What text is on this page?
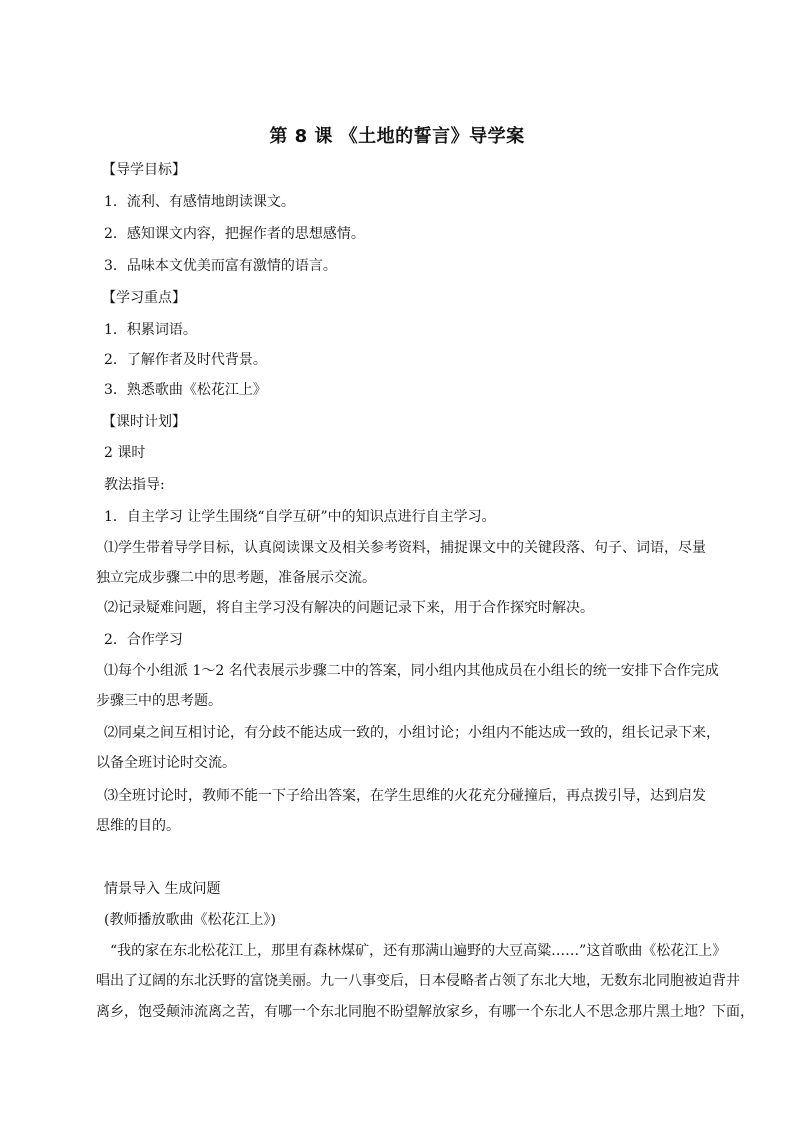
第 8 课 《土地的誓言》导学案
【导学目标】
1．流利、有感情地朗读课文。
2．感知课文内容，把握作者的思想感情。
3．品味本文优美而富有激情的语言。
【学习重点】
1．积累词语。
2．了解作者及时代背景。
3．熟悉歌曲《松花江上》
【课时计划】
2 课时
教法指导:
1．自主学习 让学生围绕“自学互研”中的知识点进行自主学习。
⑴学生带着导学目标，认真阅读课文及相关参考资料，捕捉课文中的关键段落、句子、词语，尽量
独立完成步骤二中的思考题，准备展示交流。
⑵记录疑难问题，将自主学习没有解决的问题记录下来，用于合作探究时解决。
2．合作学习
⑴每个小组派 1～2 名代表展示步骤二中的答案，同小组内其他成员在小组长的统一安排下合作完成
步骤三中的思考题。
⑵同桌之间互相讨论，有分歧不能达成一致的，小组讨论；小组内不能达成一致的，组长记录下来，
以备全班讨论时交流。
⑶全班讨论时，教师不能一下子给出答案，在学生思维的火花充分碰撞后，再点拨引导，达到启发
思维的目的。
情景导入 生成问题
(教师播放歌曲《松花江上》)
“我的家在东北松花江上，那里有森林煤矿，还有那满山遍野的大豆高粱……”这首歌曲《松花江上》
唱出了辽阔的东北沃野的富饶美丽。九一八事变后，日本侵略者占领了东北大地，无数东北同胞被迫背井
离乡，饱受颠沛流离之苦，有哪一个东北同胞不盼望解放家乡，有哪一个东北人不思念那片黑土地？下面，
